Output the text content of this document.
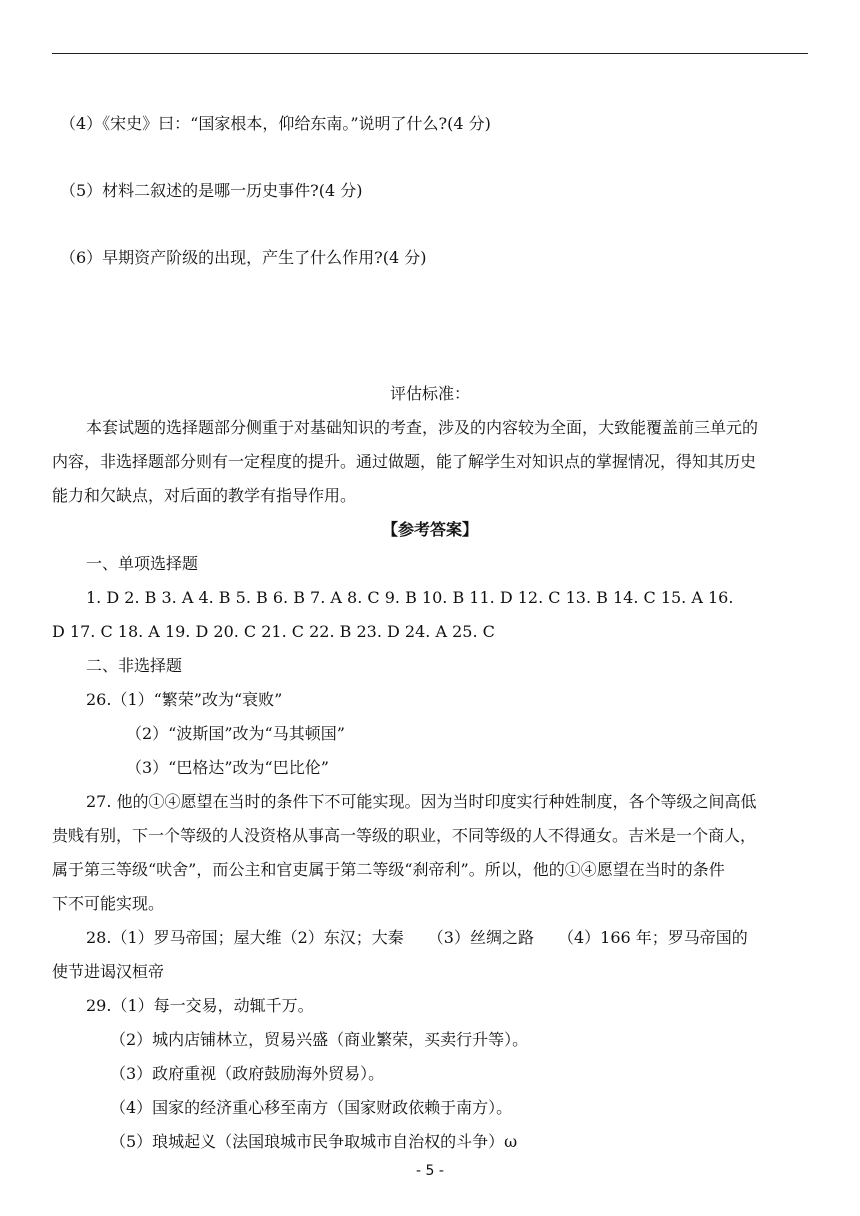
（4）《宋史》曰：“国家根本，仰给东南。”说明了什么?(4 分)
（5）材料二叙述的是哪一历史事件?(4 分)
（6）早期资产阶级的出现，产生了什么作用?(4 分)
评估标准：
本套试题的选择题部分侧重于对基础知识的考查，涉及的内容较为全面，大致能覆盖前三单元的
内容，非选择题部分则有一定程度的提升。通过做题，能了解学生对知识点的掌握情况，得知其历史
能力和欠缺点，对后面的教学有指导作用。
【参考答案】
一、单项选择题
1. D 2. B 3. A 4. B 5. B 6. B 7. A 8. C 9. B 10. B 11. D 12. C 13. B 14. C 15. A 16.
D 17. C 18. A 19. D 20. C 21. C 22. B 23. D 24. A 25. C
二、非选择题
26.（1）“繁荣”改为“衰败”
（2）“波斯国”改为“马其顿国”
（3）“巴格达”改为“巴比伦”
27. 他的①④愿望在当时的条件下不可能实现。因为当时印度实行种姓制度，各个等级之间高低
贵贱有别，下一个等级的人没资格从事高一等级的职业，不同等级的人不得通女。吉米是一个商人，
属于第三等级“吠舍”，而公主和官吏属于第二等级“刹帝利”。所以，他的①④愿望在当时的条件
下不可能实现。
28.（1）罗马帝国；屋大维（2）东汉；大秦　　（3）丝绸之路　　（4）166 年；罗马帝国的
使节进谒汉桓帝
29.（1）每一交易，动辄千万。
（2）城内店铺林立，贸易兴盛（商业繁荣，买卖行升等）。
（3）政府重视（政府鼓励海外贸易）。
（4）国家的经济重心移至南方（国家财政依赖于南方）。
（5）琅城起义（法国琅城市民争取城市自治权的斗争）ω
- 5 -
